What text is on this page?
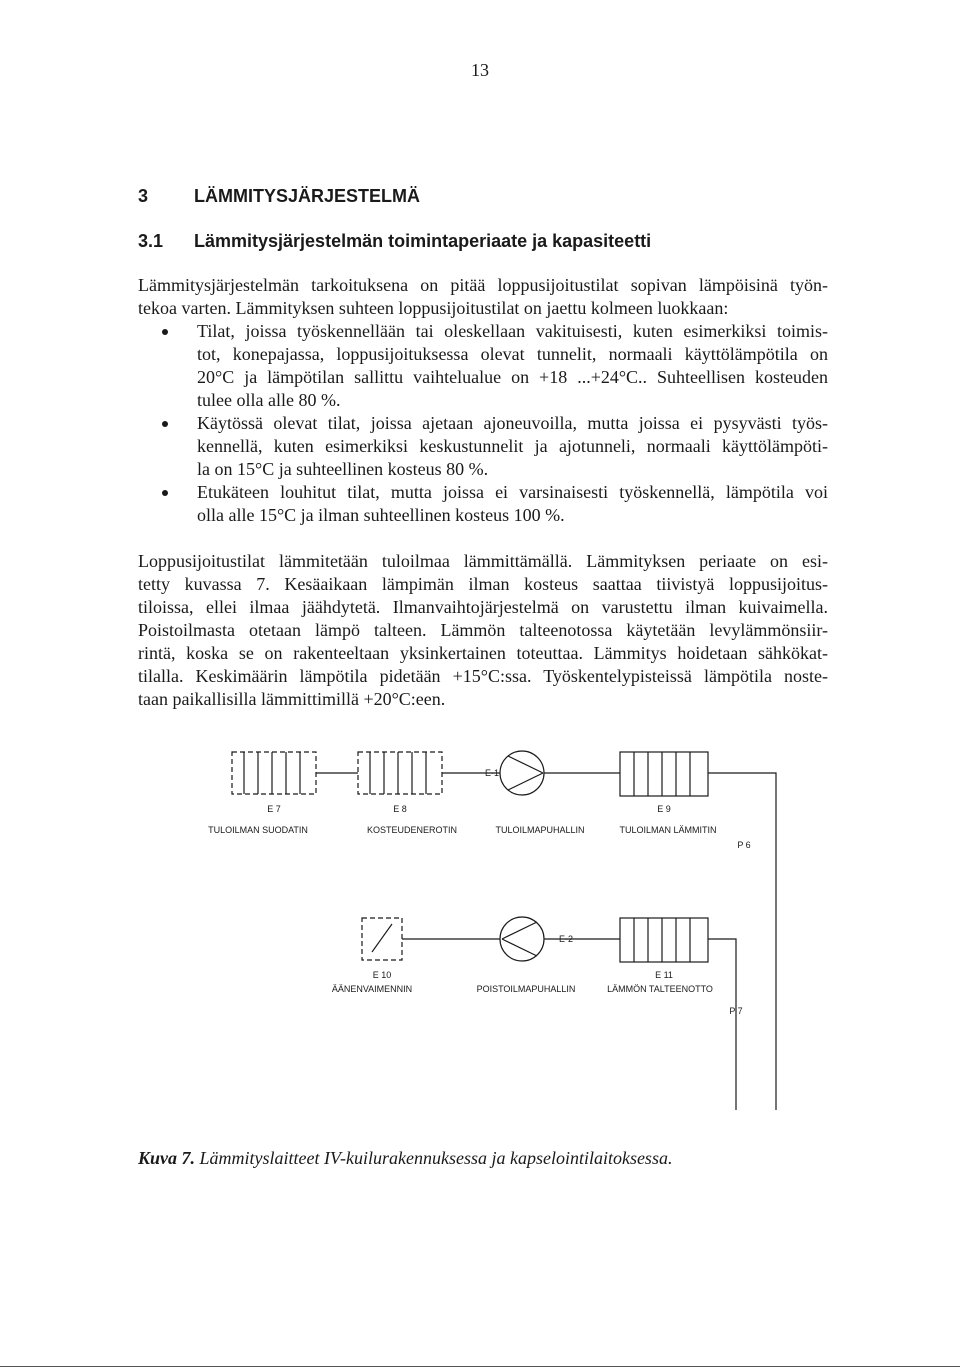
13
3	LÄMMITYSJÄRJESTELMÄ
3.1 Lämmitysjärjestelmän toimintaperiaate ja kapasiteetti
Lämmitysjärjestelmän tarkoituksena on pitää loppusijoitustilat sopivan lämpöisinä työn-
tekoa varten. Lämmityksen suhteen loppusijoitustilat on jaettu kolmeen luokkaan:
Tilat, joissa työskennellään tai oleskellaan vakituisesti, kuten esimerkiksi toimis-
tot, konepajassa, loppusijoituksessa olevat tunnelit, normaali käyttölämpötila on
20°C ja lämpötilan sallittu vaihtelualue on +18 ...+24°C.. Suhteellisen kosteuden
tulee olla alle 80 %.
Käytössä olevat tilat, joissa ajetaan ajoneuvoilla, mutta joissa ei pysyvästi työs-
kennellä, kuten esimerkiksi keskustunnelit ja ajotunneli, normaali käyttölämpöti-
la on 15°C ja suhteellinen kosteus 80 %.
Etukäteen louhitut tilat, mutta joissa ei varsinaisesti työskennellä, lämpötila voi
olla alle 15°C ja ilman suhteellinen kosteus 100 %.
Loppusijoitustilat lämmitetään tuloilmaa lämmittämällä. Lämmityksen periaate on esi-
tetty kuvassa 7. Kesäaikaan lämpimän ilman kosteus saattaa tiivistyä loppusijoitus-
tiloissa, ellei ilmaa jäähdytetä. Ilmanvaihtojärjestelmä on varustettu ilman kuivaimella.
Poistoilmasta otetaan lämpö talteen. Lämmön talteenotossa käytetään levylämmönsiir-
rintä, koska se on rakenteeltaan yksinkertainen toteuttaa. Lämmitys hoidetaan sähkökat-
tilalla. Keskimäärin lämpötila pidetään +15°C:ssa. Työskentelypisteissä lämpötila noste-
taan paikallisilla lämmittimillä +20°C:een.
E 7	E 8
E-1
E 9
P 6
TULOILMAN SUODATIN	KOSTEUDENEROTIN	TULOILMAPUHALLIN	TULOILMAN LÄMMITIN
E-2
E 10	E 11
ÄÄNENVAIMENNIN	POISTOILMAPUHALLIN	LÄMMÖN TALTEENOTTO
P 7
Kuva 7. Lämmityslaitteet IV-kuilurakennuksessa ja kapselointilaitoksessa.
